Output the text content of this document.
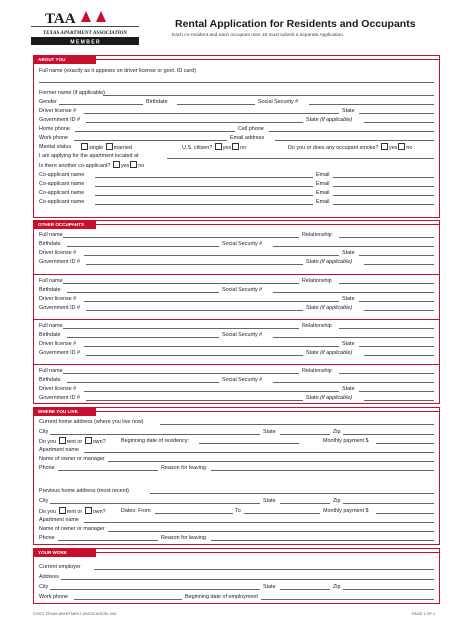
TAA
TEXAS APARTMENT ASSOCIATION
M E M B E R
Rental Application for Residents and Occupants
Each co-resident and each occupant over 18 must submit a separate Application.
ABOUT YOU
Full name (exactly as it appears on driver license or govt. ID card)
Former name (if applicable)
Gender	Birthdate	Social Security #
Driver license #	State
Government ID #	State (if applicable)
Home phone	Cell phone
Work phone	Email address
Marital status	single married	U.S. citizen? yes no	Do you or does any occupant smoke? yes no
I am applying for the apartment located at
Is there another co-applicant? yes no
Co-applicant name	Email
Co-applicant name	Email
Co-applicant name	Email
Co-applicant name	Email
OTHER OCCUPANTS
Full name	Relationship
Birthdate	Social Security #
Driver license #	State
Government ID #	State (if applicable)
Full name	Relationship
Birthdate	Social Security #
Driver license #	State
Government ID #	State (if applicable)
Full name	Relationship
Birthdate	Social Security #
Driver license #	State
Government ID #	State (if applicable)
Full name	Relationship
Birthdate	Social Security #
Driver license #	State
Government ID #	State (if applicable)
WHERE YOU LIVE
Current home address (where you live now)
City	State	Zip
Do you rent or own?	Beginning date of residency:	Monthly payment $
Apartment name
Name of owner or manager
Phone	Reason for leaving
Previous home address (most recent)
City	State	Zip
Do you rent or own?	Dates: From	To	Monthly payment $
Apartment name
Name of owner or manager
Phone	Reason for leaving
YOUR WORK
Current employer
Address
City	State	Zip
Work phone	Beginning date of employment
©2021 TEXAS APARTMENT ASSOCIATION, INC.	PAGE 1 OF 4
